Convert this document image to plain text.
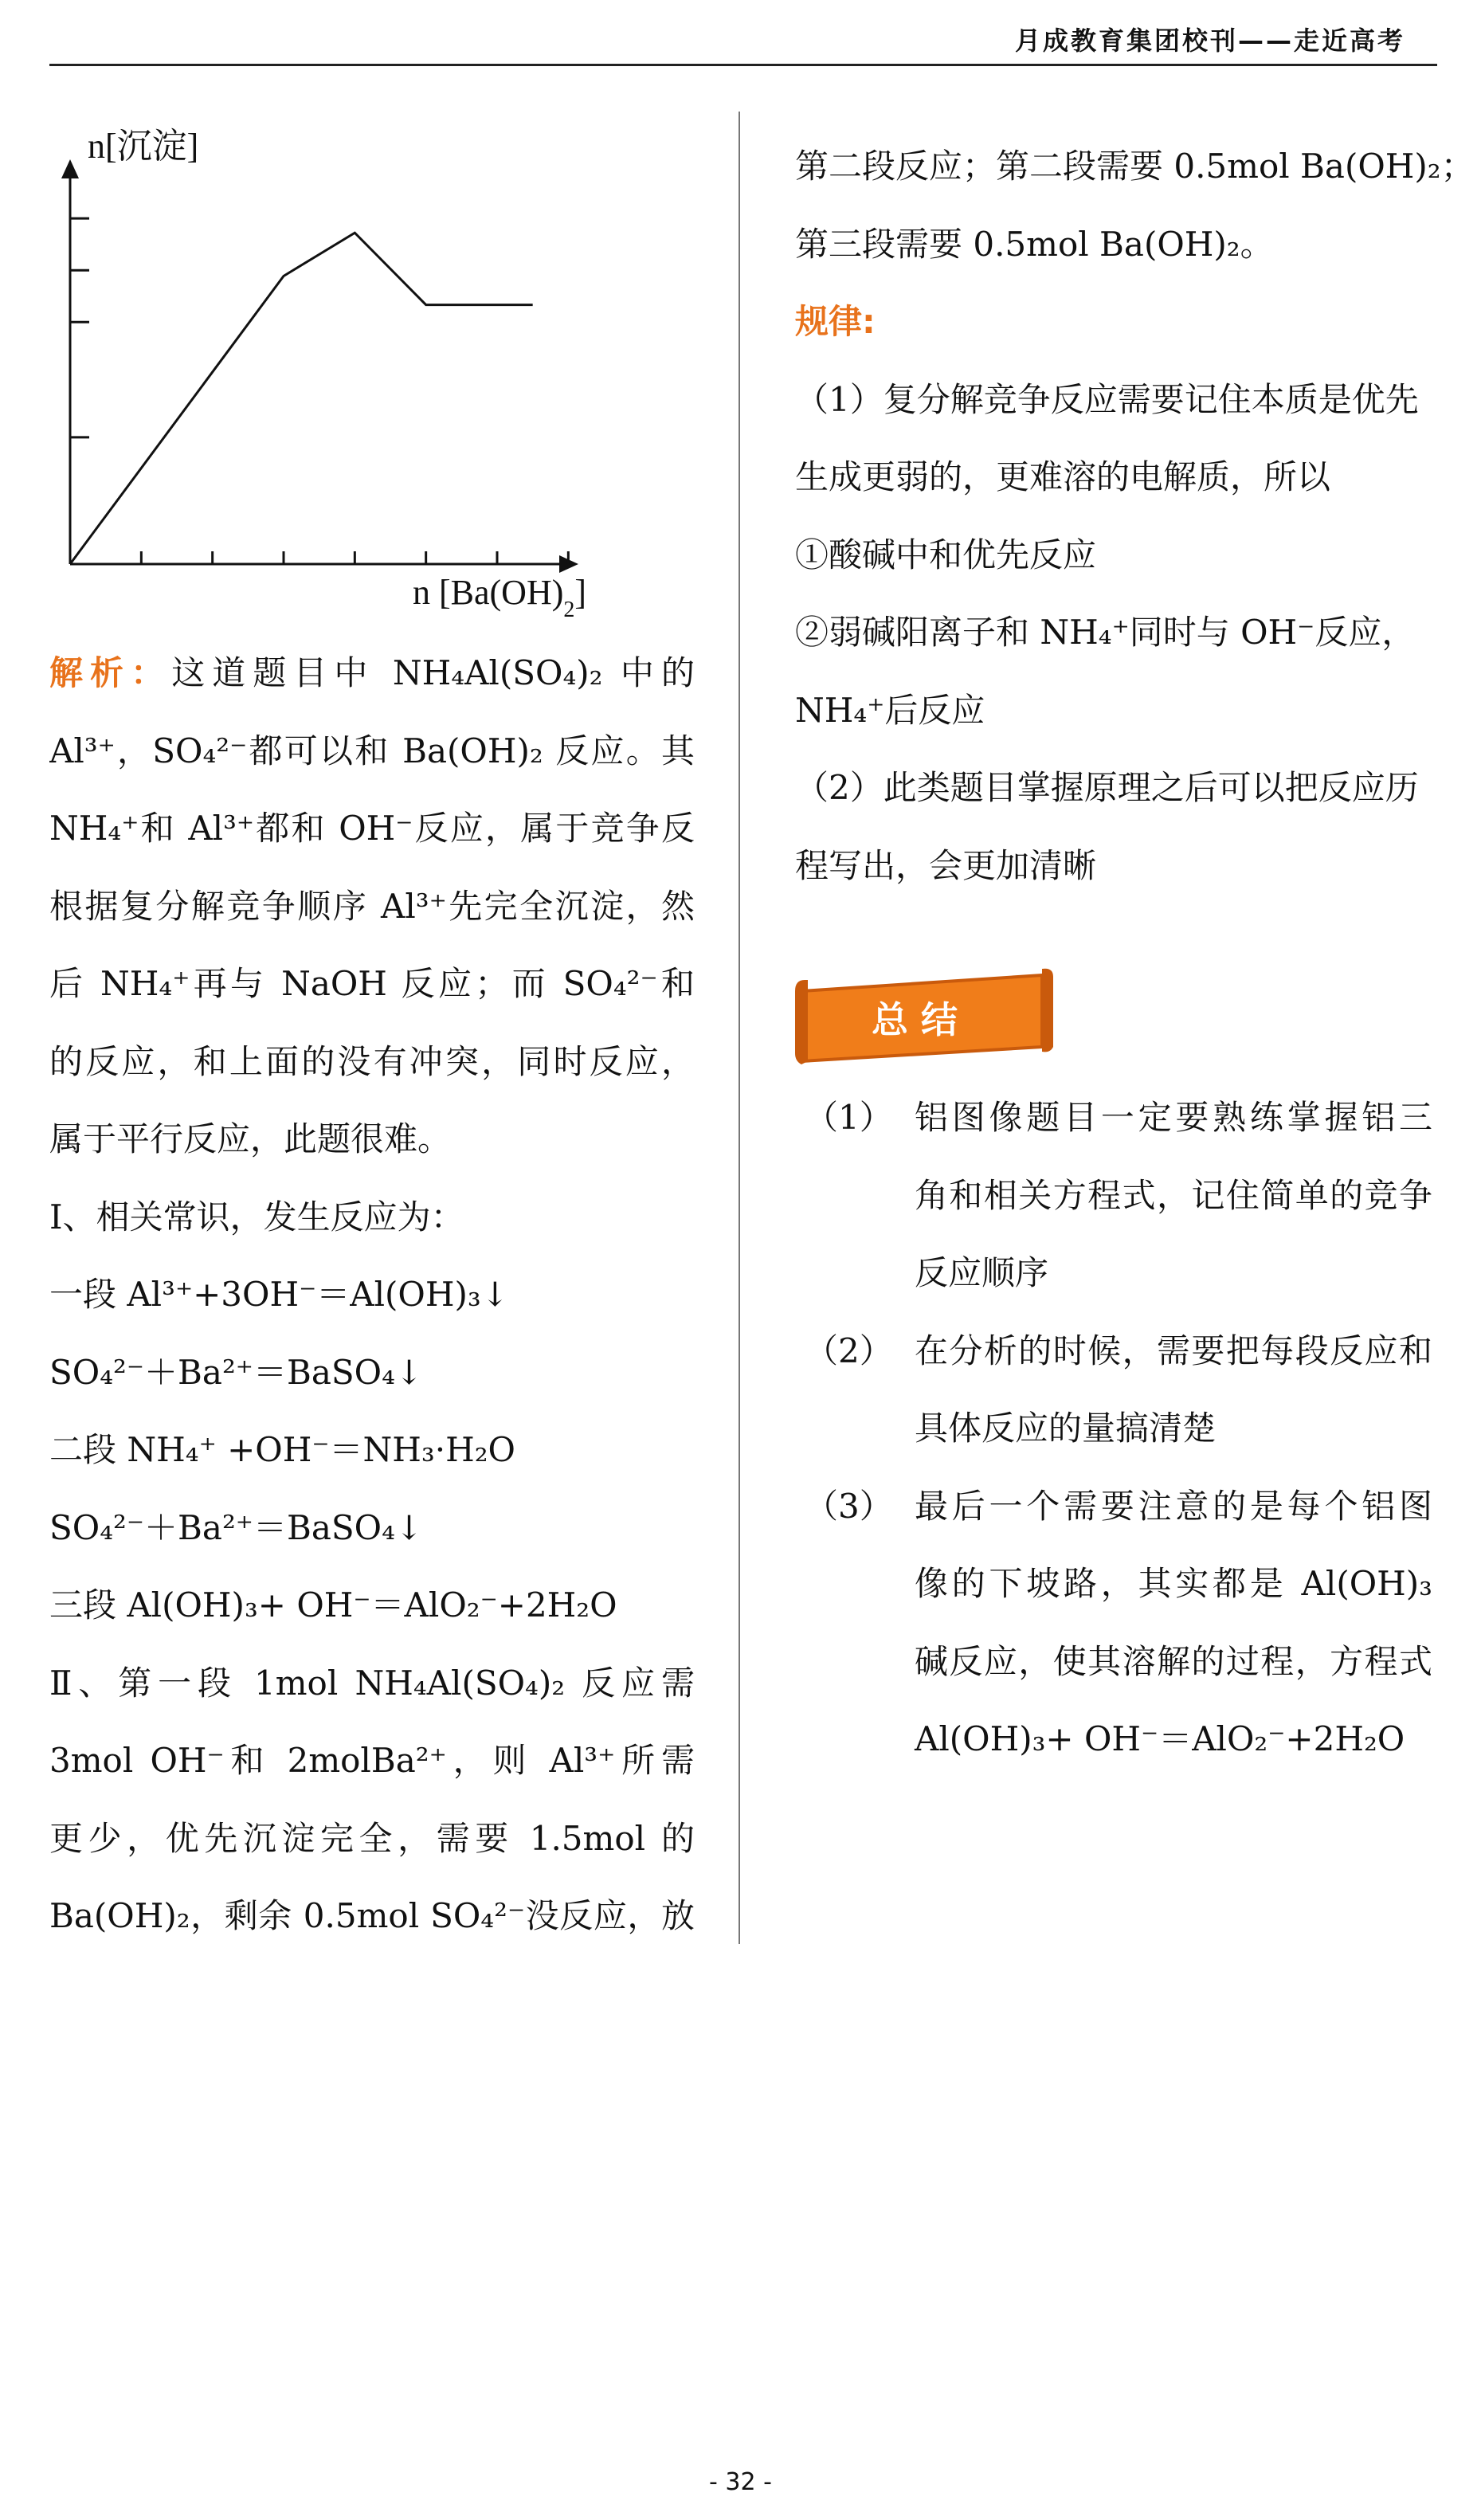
月成教育集团校刊——走近高考
n[沉淀]
n $[Ba(OH)_2]$
解析：这道题目中 NH₄Al(SO₄)₂ 中的
Al³⁺，SO₄²⁻都可以和 Ba(OH)₂ 反应。其
NH₄⁺和 Al³⁺都和 OH⁻反应，属于竞争反
根据复分解竞争顺序 Al³⁺先完全沉淀，然
后 NH₄⁺再与 NaOH 反应；而 SO₄²⁻和
的反应，和上面的没有冲突，同时反应，
属于平行反应，此题很难。
Ⅰ、相关常识，发生反应为：
一段 Al³⁺+3OH⁻＝Al(OH)₃↓
SO₄²⁻＋Ba²⁺＝BaSO₄↓
二段 NH₄⁺ +OH⁻＝NH₃·H₂O
SO₄²⁻＋Ba²⁺＝BaSO₄↓
三段 Al(OH)₃+ OH⁻＝AlO₂⁻+2H₂O
Ⅱ、第一段 1mol NH₄Al(SO₄)₂ 反应需
3mol OH⁻和 2molBa²⁺，则 Al³⁺所需
更少，优先沉淀完全，需要 1.5mol 的
Ba(OH)₂，剩余 0.5mol SO₄²⁻没反应，放
第二段反应；第二段需要 0.5mol Ba(OH)₂；
第三段需要 0.5mol Ba(OH)₂。
规律:
（1）复分解竞争反应需要记住本质是优先
生成更弱的，更难溶的电解质，所以
①酸碱中和优先反应
②弱碱阳离子和 NH₄⁺同时与 OH⁻反应，
NH₄⁺后反应
（2）此类题目掌握原理之后可以把反应历
程写出，会更加清晰
总结
（1） 铝图像题目一定要熟练掌握铝三
角和相关方程式，记住简单的竞争
反应顺序
（2） 在分析的时候，需要把每段反应和
具体反应的量搞清楚
（3） 最后一个需要注意的是每个铝图
像的下坡路，其实都是 Al(OH)₃
碱反应，使其溶解的过程，方程式
Al(OH)₃+ OH⁻＝AlO₂⁻+2H₂O
- 32 -
